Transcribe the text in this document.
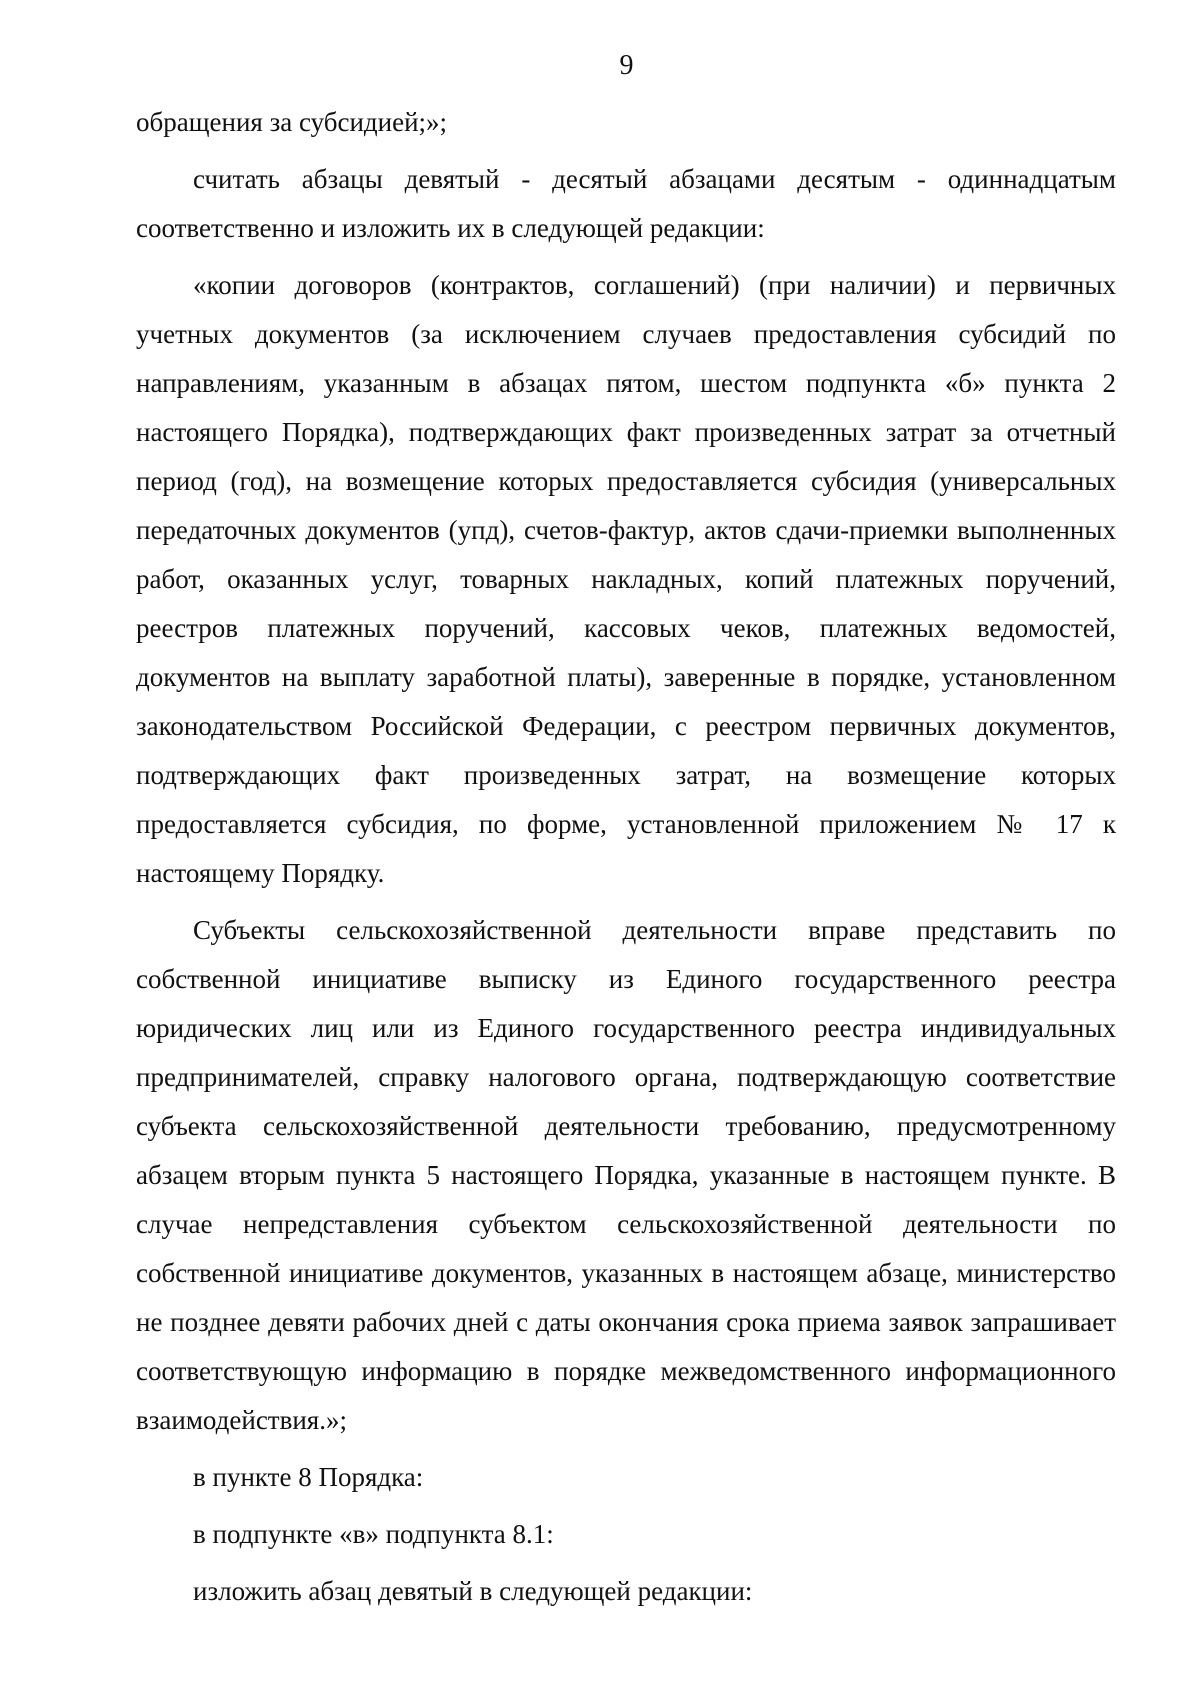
9

обращения за субсидией;»;

считать абзацы девятый - десятый абзацами десятым - одиннадцатым соответственно и изложить их в следующей редакции:

«копии договоров (контрактов, соглашений) (при наличии) и первичных учетных документов (за исключением случаев предоставления субсидий по направлениям, указанным в абзацах пятом, шестом подпункта «б» пункта 2 настоящего Порядка), подтверждающих факт произведенных затрат за отчетный период (год), на возмещение которых предоставляется субсидия (универсальных передаточных документов (упд), счетов-фактур, актов сдачи-приемки выполненных работ, оказанных услуг, товарных накладных, копий платежных поручений, реестров платежных поручений, кассовых чеков, платежных ведомостей, документов на выплату заработной платы), заверенные в порядке, установленном законодательством Российской Федерации, с реестром первичных документов, подтверждающих факт произведенных затрат, на возмещение которых предоставляется субсидия, по форме, установленной приложением № 17 к настоящему Порядку.

Субъекты сельскохозяйственной деятельности вправе представить по собственной инициативе выписку из Единого государственного реестра юридических лиц или из Единого государственного реестра индивидуальных предпринимателей, справку налогового органа, подтверждающую соответствие субъекта сельскохозяйственной деятельности требованию, предусмотренному абзацем вторым пункта 5 настоящего Порядка, указанные в настоящем пункте. В случае непредставления субъектом сельскохозяйственной деятельности по собственной инициативе документов, указанных в настоящем абзаце, министерство не позднее девяти рабочих дней с даты окончания срока приема заявок запрашивает соответствующую информацию в порядке межведомственного информационного взаимодействия.»;

в пункте 8 Порядка:

в подпункте «в» подпункта 8.1:

изложить абзац девятый в следующей редакции:
